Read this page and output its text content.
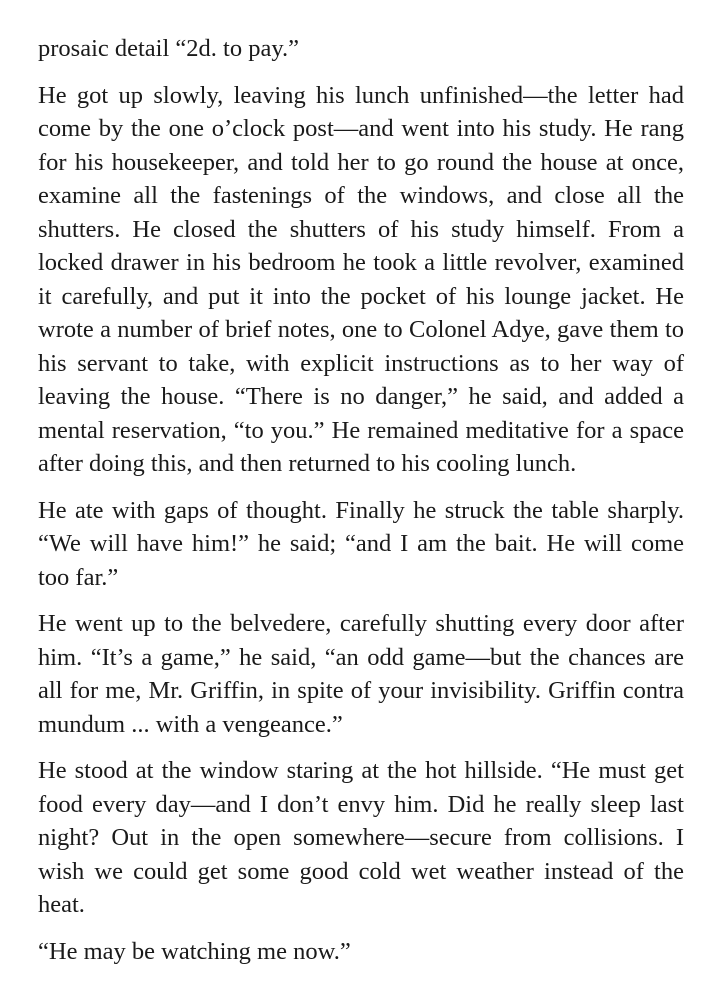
prosaic detail “2d. to pay.”

He got up slowly, leaving his lunch unfinished—the letter had come by the one o’clock post—and went into his study. He rang for his housekeeper, and told her to go round the house at once, examine all the fastenings of the windows, and close all the shutters. He closed the shutters of his study himself. From a locked drawer in his bedroom he took a little revolver, examined it carefully, and put it into the pocket of his lounge jacket. He wrote a number of brief notes, one to Colonel Adye, gave them to his servant to take, with explicit instructions as to her way of leaving the house. “There is no danger,” he said, and added a mental reservation, “to you.” He remained meditative for a space after doing this, and then returned to his cooling lunch.

He ate with gaps of thought. Finally he struck the table sharply. “We will have him!” he said; “and I am the bait. He will come too far.”

He went up to the belvedere, carefully shutting every door after him. “It’s a game,” he said, “an odd game—but the chances are all for me, Mr. Griffin, in spite of your invisibility. Griffin contra mundum ... with a vengeance.”

He stood at the window staring at the hot hillside. “He must get food every day—and I don’t envy him. Did he really sleep last night? Out in the open somewhere—secure from collisions. I wish we could get some good cold wet weather instead of the heat.

“He may be watching me now.”
